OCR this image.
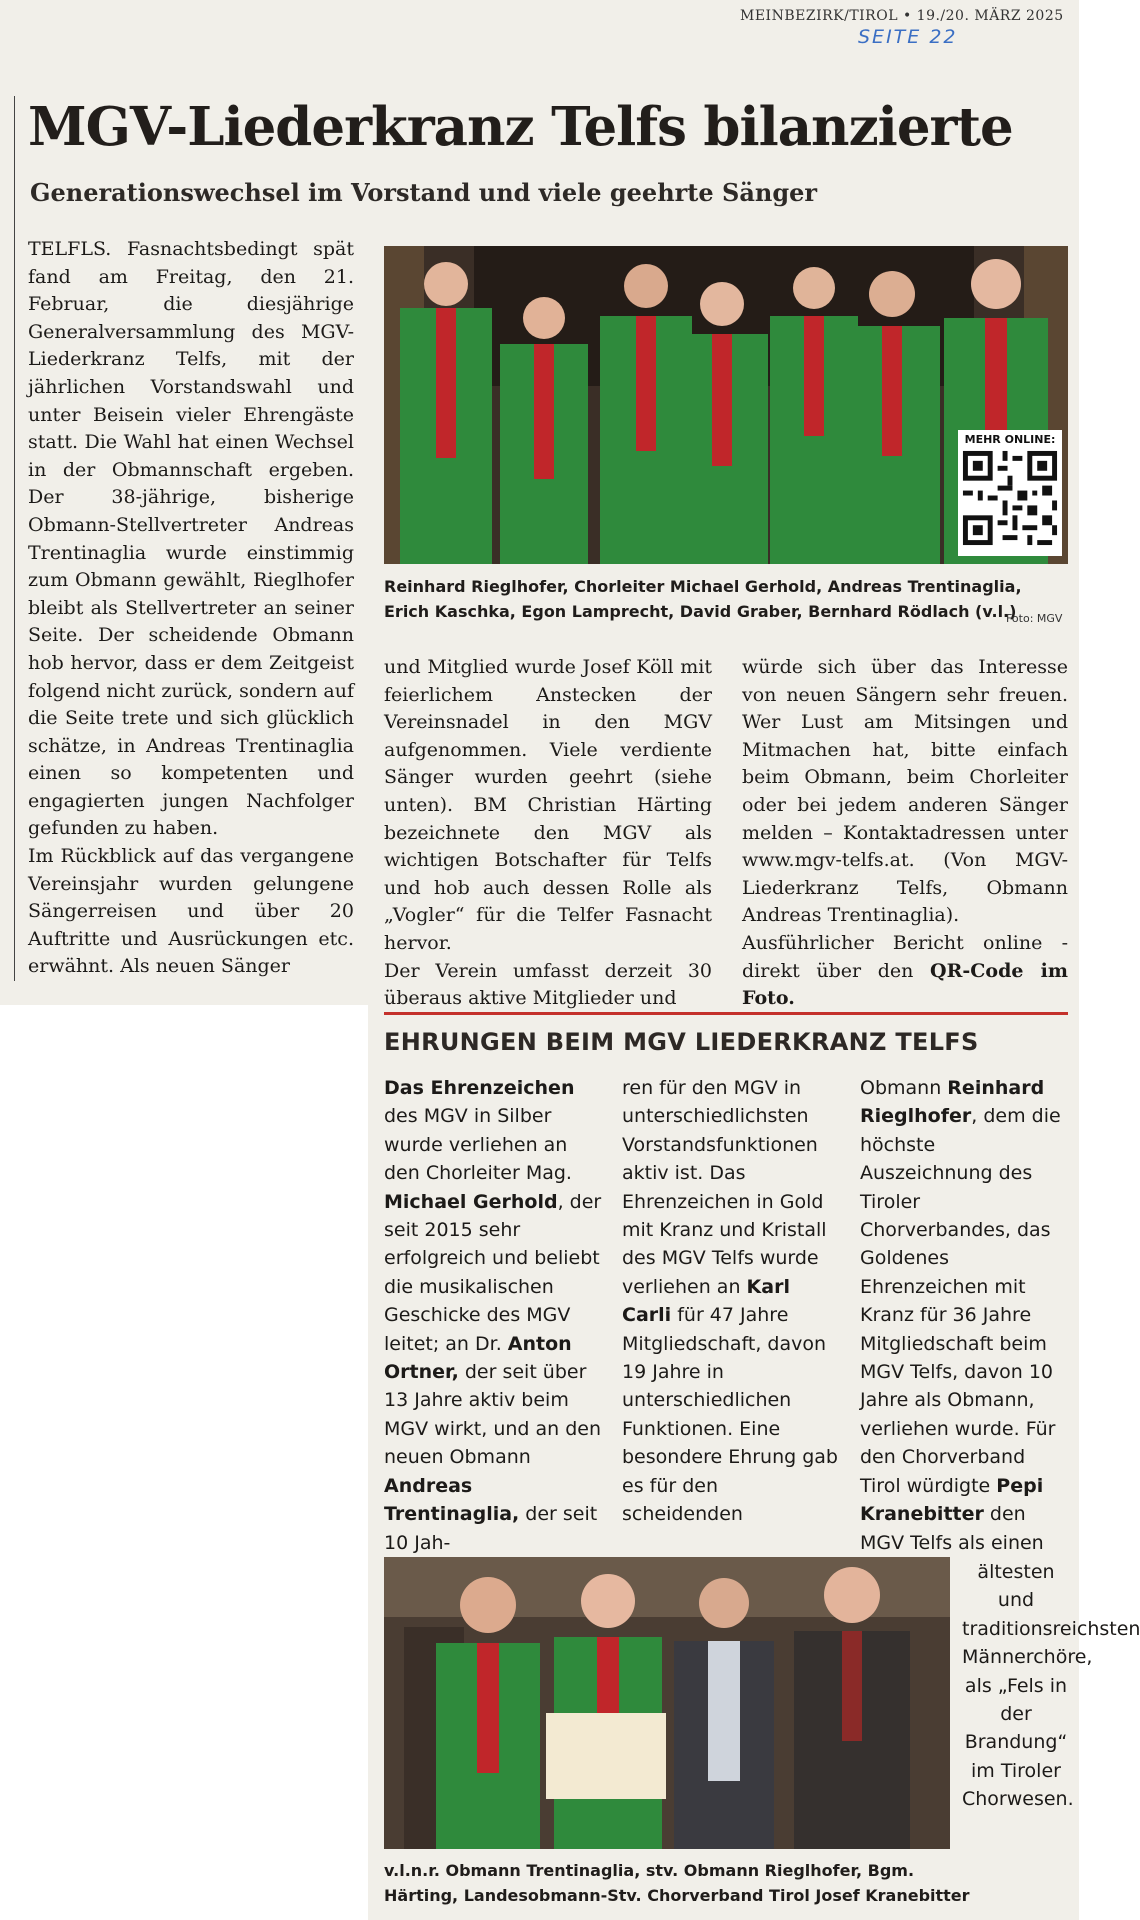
MEINBEZIRK/TIROL • 19./20. MÄRZ 2025
SEITE 22
MGV-Liederkranz Telfs bilanzierte
Generationswechsel im Vorstand und viele geehrte Sänger
TELFLS. Fasnachtsbedingt spät fand am Freitag, den 21. Februar, die diesjährige Generalversammlung des MGV-Liederkranz Telfs, mit der jährlichen Vorstandswahl und unter Beisein vieler Ehrengäste statt. Die Wahl hat einen Wechsel in der Obmannschaft ergeben. Der 38-jährige, bisherige Obmann-Stellvertreter Andreas Trentinaglia wurde einstimmig zum Obmann gewählt, Rieglhofer bleibt als Stellvertreter an seiner Seite. Der scheidende Obmann hob hervor, dass er dem Zeitgeist folgend nicht zurück, sondern auf die Seite trete und sich glücklich schätze, in Andreas Trentinaglia einen so kompetenten und engagierten jungen Nachfolger gefunden zu haben.
Im Rückblick auf das vergangene Vereinsjahr wurden gelungene Sängerreisen und über 20 Auftritte und Ausrückungen etc. erwähnt. Als neuen Sänger
MEHR ONLINE:
Reinhard Rieglhofer, Chorleiter Michael Gerhold, Andreas Trentinaglia, Erich Kaschka, Egon Lamprecht, David Graber, Bernhard Rödlach (v.l.)
Foto: MGV
und Mitglied wurde Josef Köll mit feierlichem Anstecken der Vereinsnadel in den MGV aufgenommen. Viele verdiente Sänger wurden geehrt (siehe unten). BM Christian Härting bezeichnete den MGV als wichtigen Botschafter für Telfs und hob auch dessen Rolle als „Vogler“ für die Telfer Fasnacht hervor.
Der Verein umfasst derzeit 30 überaus aktive Mitglieder und
würde sich über das Interesse von neuen Sängern sehr freuen. Wer Lust am Mitsingen und Mitmachen hat, bitte einfach beim Obmann, beim Chorleiter oder bei jedem anderen Sänger melden – Kontaktadressen unter www.mgv-telfs.at. (Von MGV-Liederkranz Telfs, Obmann Andreas Trentinaglia).
Ausführlicher Bericht online - direkt über den QR-Code im Foto.
EHRUNGEN BEIM MGV LIEDERKRANZ TELFS
Das Ehrenzeichen des MGV in Silber wurde verliehen an den Chorleiter Mag. Michael Gerhold, der seit 2015 sehr erfolgreich und beliebt die musikalischen Geschicke des MGV leitet; an Dr. Anton Ortner, der seit über 13 Jahre aktiv beim MGV wirkt, und an den neuen Obmann Andreas Trentinaglia, der seit 10 Jah-
ren für den MGV in unterschiedlichsten Vorstandsfunktionen aktiv ist. Das Ehrenzeichen in Gold mit Kranz und Kristall des MGV Telfs wurde verliehen an Karl Carli für 47 Jahre Mitgliedschaft, davon 19 Jahre in unterschiedlichen Funktionen. Eine besondere Ehrung gab es für den scheidenden
Obmann Reinhard Rieglhofer, dem die höchste Auszeichnung des Tiroler Chorverbandes, das Goldenes Ehrenzeichen mit Kranz für 36 Jahre Mitgliedschaft beim MGV Telfs, davon 10 Jahre als Obmann, verliehen wurde. Für den Chorverband Tirol würdigte Pepi Kranebitter den MGV Telfs als einen
ältesten und traditionsreichsten Männerchöre, als „Fels in der Brandung“ im Tiroler Chorwesen.
v.l.n.r. Obmann Trentinaglia, stv. Obmann Rieglhofer, Bgm. Härting, Landesobmann-Stv. Chorverband Tirol Josef Kranebitter
